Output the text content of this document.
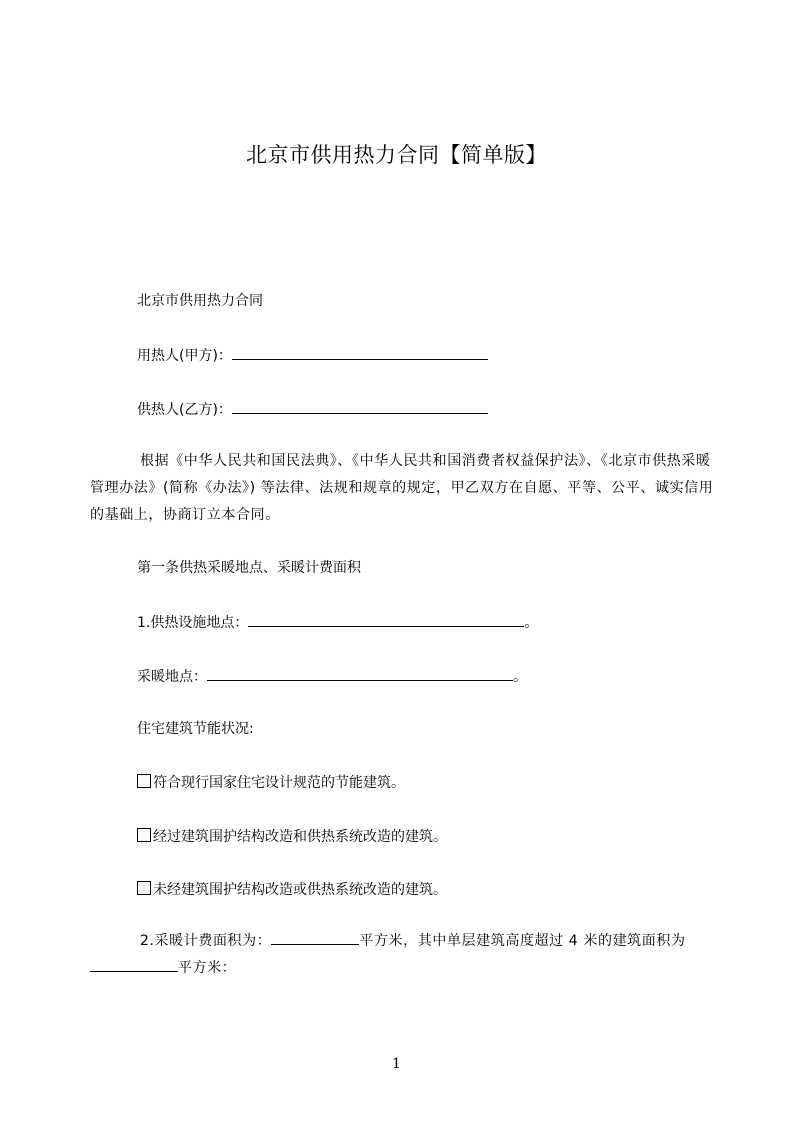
北京市供用热力合同【简单版】
北京市供用热力合同
用热人(甲方)：
供热人(乙方)：
根据《中华人民共和国民法典》、《中华人民共和国消费者权益保护法》、《北京市供热采暖管理办法》(简称《办法》) 等法律、法规和规章的规定，甲乙双方在自愿、平等、公平、诚实信用的基础上，协商订立本合同。
第一条供热采暖地点、采暖计费面积
1.供热设施地点：	。
采暖地点：	。
住宅建筑节能状况:
符合现行国家住宅设计规范的节能建筑。
经过建筑围护结构改造和供热系统改造的建筑。
未经建筑围护结构改造或供热系统改造的建筑。
2.采暖计费面积为：	平方米，其中单层建筑高度超过 4 米的建筑面积为平方米：
1
